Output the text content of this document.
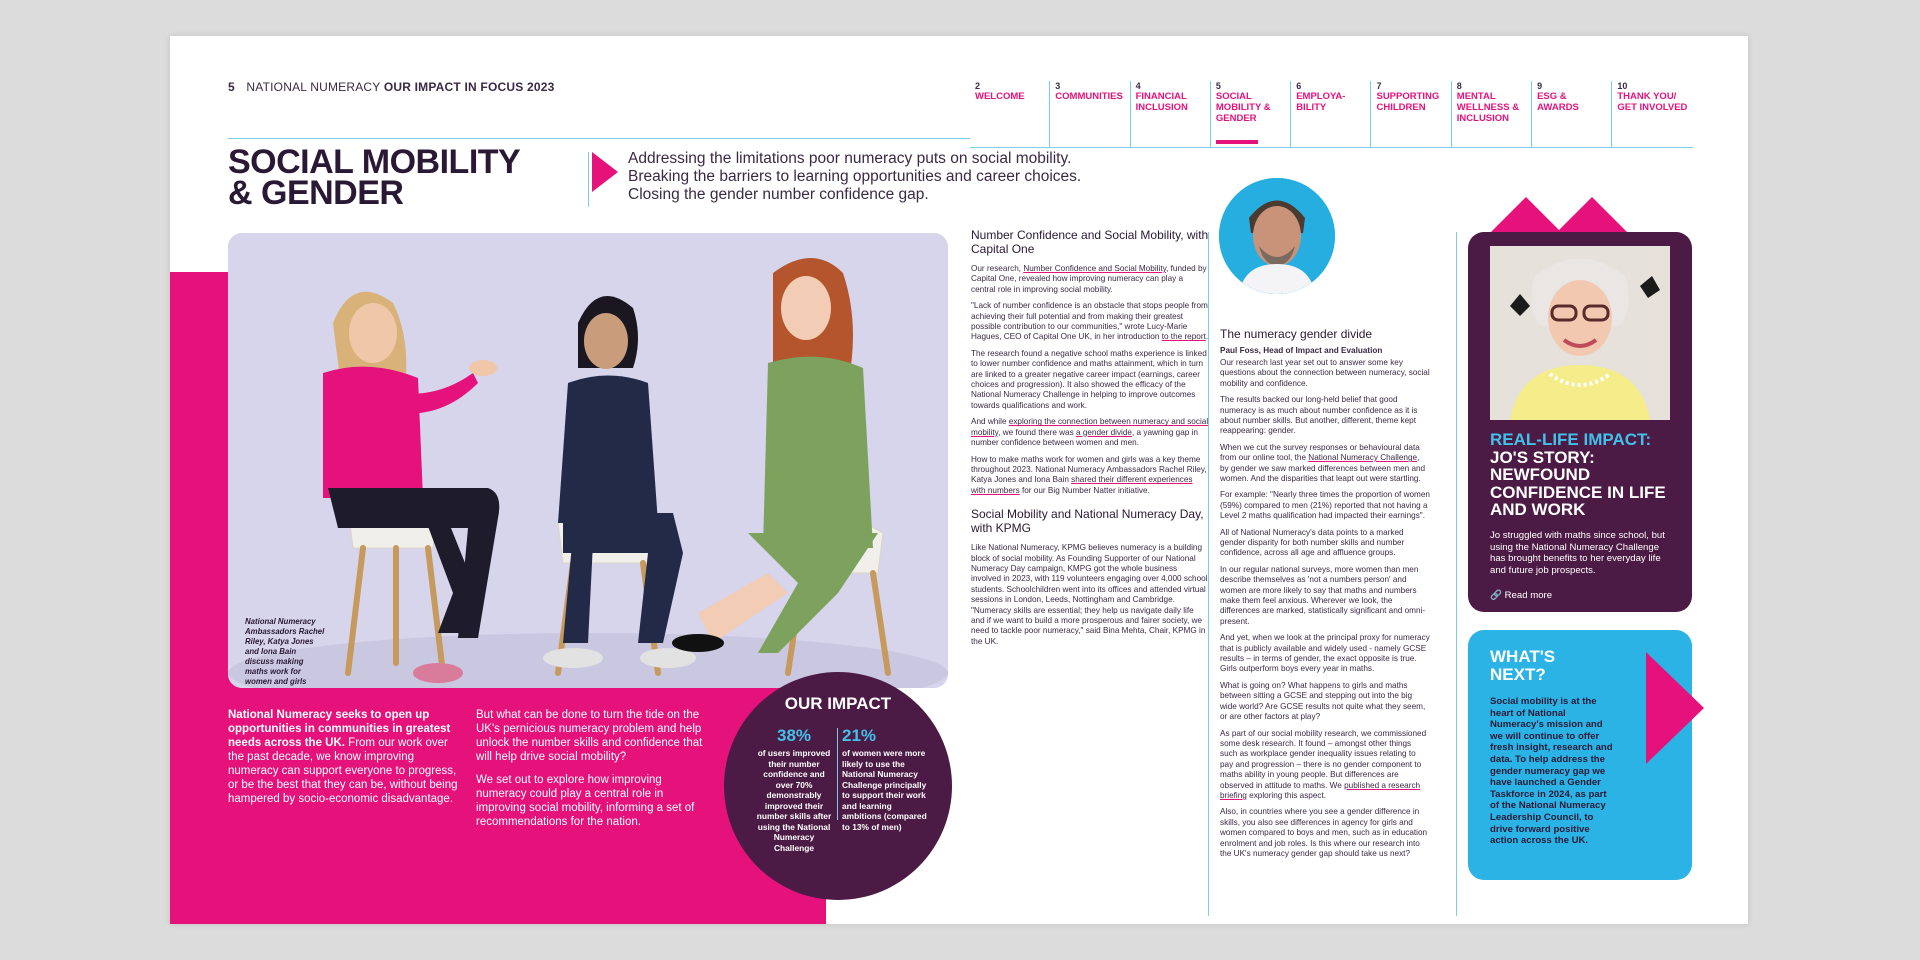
5 NATIONAL NUMERACY OUR IMPACT IN FOCUS 2023	2
WELCOME
3
COMMUNITIES
4
FINANCIAL INCLUSION
5
SOCIAL MOBILITY & GENDER
6
EMPLOYA-BILITY
7
SUPPORTING CHILDREN
8
MENTAL WELLNESS & INCLUSION
9
ESG & AWARDS
10
THANK YOU/ GET INVOLVED
SOCIAL MOBILITY
& GENDER
Addressing the limitations poor numeracy puts on social mobility.
Breaking the barriers to learning opportunities and career choices.
Closing the gender number confidence gap.
National Numeracy Ambassadors Rachel Riley, Katya Jones and Iona Bain discuss making maths work for women and girls
National Numeracy seeks to open up opportunities in communities in greatest needs across the UK. From our work over the past decade, we know improving numeracy can support everyone to progress, or be the best that they can be, without being hampered by socio-economic disadvantage.

But what can be done to turn the tide on the UK's pernicious numeracy problem and help unlock the number skills and confidence that will help drive social mobility?

We set out to explore how improving numeracy could play a central role in improving social mobility, informing a set of recommendations for the nation.

OUR IMPACT
38%
of users improved their number confidence and over 70% demonstrably improved their number skills after using the National Numeracy Challenge
21%
of women were more likely to use the National Numeracy Challenge principally to support their work and learning ambitions (compared to 13% of men)
Number Confidence and Social Mobility, with Capital One

Our research, Number Confidence and Social Mobility, funded by Capital One, revealed how improving numeracy can play a central role in improving social mobility.

"Lack of number confidence is an obstacle that stops people from achieving their full potential and from making their greatest possible contribution to our communities," wrote Lucy-Marie Hagues, CEO of Capital One UK, in her introduction to the report.

The research found a negative school maths experience is linked to lower number confidence and maths attainment, which in turn are linked to a greater negative career impact (earnings, career choices and progression). It also showed the efficacy of the National Numeracy Challenge in helping to improve outcomes towards qualifications and work.

And while exploring the connection between numeracy and social mobility, we found there was a gender divide, a yawning gap in number confidence between women and men.

How to make maths work for women and girls was a key theme throughout 2023. National Numeracy Ambassadors Rachel Riley, Katya Jones and Iona Bain shared their different experiences with numbers for our Big Number Natter initiative.

Social Mobility and National Numeracy Day, with KPMG

Like National Numeracy, KPMG believes numeracy is a building block of social mobility. As Founding Supporter of our National Numeracy Day campaign, KMPG got the whole business involved in 2023, with 119 volunteers engaging over 4,000 school students. Schoolchildren went into its offices and attended virtual sessions in London, Leeds, Nottingham and Cambridge. "Numeracy skills are essential; they help us navigate daily life and if we want to build a more prosperous and fairer society, we need to tackle poor numeracy," said Bina Mehta, Chair, KPMG in the UK.

The numeracy gender divide

Paul Foss, Head of Impact and Evaluation

Our research last year set out to answer some key questions about the connection between numeracy, social mobility and confidence.

The results backed our long-held belief that good numeracy is as much about number confidence as it is about number skills. But another, different, theme kept reappearing: gender.

When we cut the survey responses or behavioural data from our online tool, the National Numeracy Challenge, by gender we saw marked differences between men and women. And the disparities that leapt out were startling.

For example: "Nearly three times the proportion of women (59%) compared to men (21%) reported that not having a Level 2 maths qualification had impacted their earnings".

All of National Numeracy's data points to a marked gender disparity for both number skills and number confidence, across all age and affluence groups.

In our regular national surveys, more women than men describe themselves as 'not a numbers person' and women are more likely to say that maths and numbers make them feel anxious. Wherever we look, the differences are marked, statistically significant and omni-present.

And yet, when we look at the principal proxy for numeracy that is publicly available and widely used - namely GCSE results – in terms of gender, the exact opposite is true. Girls outperform boys every year in maths.

What is going on? What happens to girls and maths between sitting a GCSE and stepping out into the big wide world? Are GCSE results not quite what they seem, or are other factors at play?

As part of our social mobility research, we commissioned some desk research. It found – amongst other things such as workplace gender inequality issues relating to pay and progression – there is no gender component to maths ability in young people. But differences are observed in attitude to maths. We published a research briefing exploring this aspect.

Also, in countries where you see a gender difference in skills, you also see differences in agency for girls and women compared to boys and men, such as in education enrolment and job roles. Is this where our research into the UK's numeracy gender gap should take us next?

REAL-LIFE IMPACT:
JO'S STORY: NEWFOUND CONFIDENCE IN LIFE AND WORK
Jo struggled with maths since school, but using the National Numeracy Challenge has brought benefits to her everyday life and future job prospects.
🔗 Read more
WHAT'S NEXT?
Social mobility is at the heart of National Numeracy's mission and we will continue to offer fresh insight, research and data. To help address the gender numeracy gap we have launched a Gender Taskforce in 2024, as part of the National Numeracy Leadership Council, to drive forward positive action across the UK.
